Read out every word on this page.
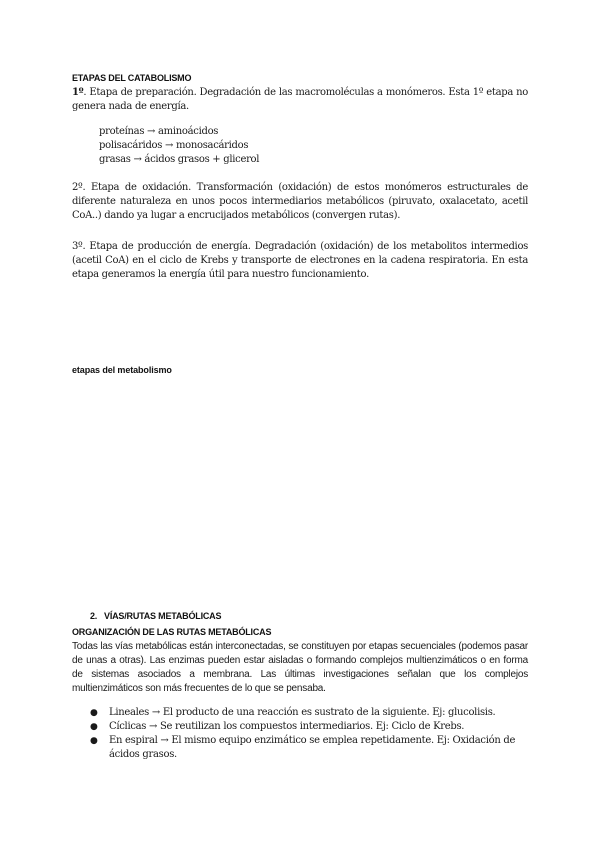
ETAPAS DEL CATABOLISMO
1º. Etapa de preparación. Degradación de las macromoléculas a monómeros. Esta 1º etapa no genera nada de energía.
proteínas → aminoácidos
polisacáridos → monosacáridos
grasas → ácidos grasos + glicerol
2º. Etapa de oxidación. Transformación (oxidación) de estos monómeros estructurales de diferente naturaleza en unos pocos intermediarios metabólicos (piruvato, oxalacetato, acetil CoA..) dando ya lugar a encrucijados metabólicos (convergen rutas).
3º. Etapa de producción de energía. Degradación (oxidación) de los metabolitos intermedios (acetil CoA) en el ciclo de Krebs y transporte de electrones en la cadena respiratoria. En esta etapa generamos la energía útil para nuestro funcionamiento.
etapas del metabolismo
2. VÍAS/RUTAS METABÓLICAS
ORGANIZACIÓN DE LAS RUTAS METABÓLICAS
Todas las vías metabólicas están interconectadas, se constituyen por etapas secuenciales (podemos pasar de unas a otras). Las enzimas pueden estar aisladas o formando complejos multienzimáticos o en forma de sistemas asociados a membrana. Las últimas investigaciones señalan que los complejos multienzimáticos son más frecuentes de lo que se pensaba.
● Lineales → El producto de una reacción es sustrato de la siguiente. Ej: glucolisis.
● Cíclicas → Se reutilizan los compuestos intermediarios. Ej: Ciclo de Krebs.
● En espiral → El mismo equipo enzimático se emplea repetidamente. Ej: Oxidación de ácidos grasos.
